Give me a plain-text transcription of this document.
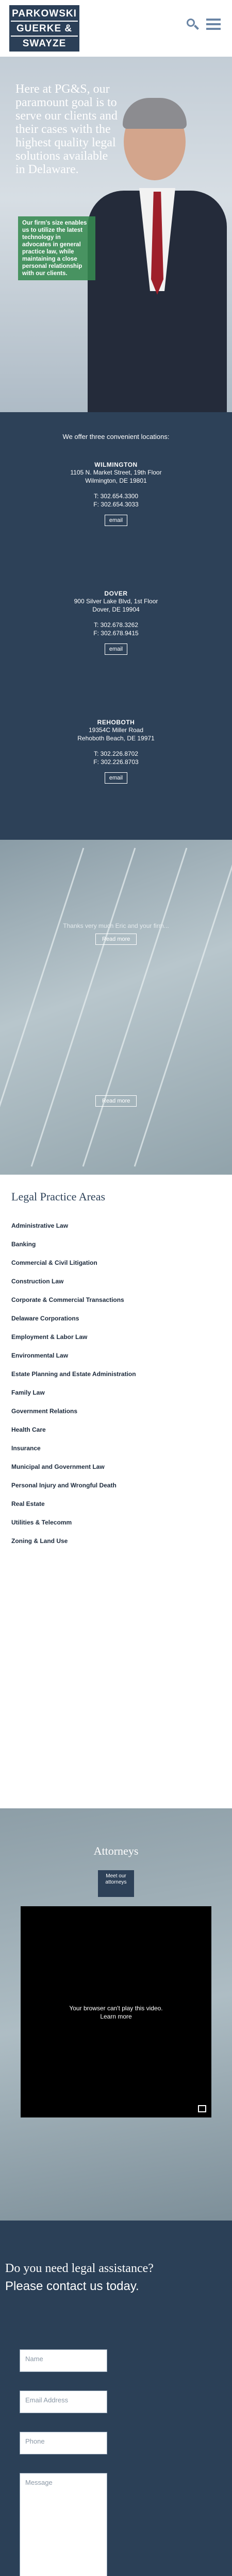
PARKOWSKI
GUERKE &
SWAYZE
Here at PG&S, our paramount goal is to serve our clients and their cases with the highest quality legal solutions available in Delaware.
Our firm's size enables us to utilize the latest technology in advocates in general practice law, while maintaining a close personal relationship with our clients.
We offer three convenient locations:
WILMINGTON
1105 N. Market Street, 19th Floor
Wilmington, DE 19801
T: 302.654.3300
F: 302.654.3033
email
DOVER
900 Silver Lake Blvd, 1st Floor
Dover, DE 19904
T: 302.678.3262
F: 302.678.9415
email
REHOBOTH
19354C Miller Road
Rehoboth Beach, DE 19971
T: 302.226.8702
F: 302.226.8703
email
Thanks very much Eric and your firm...
Read more
Read more
Legal Practice Areas
Administrative Law
Banking
Commercial & Civil Litigation
Construction Law
Corporate & Commercial Transactions
Delaware Corporations
Employment & Labor Law
Environmental Law
Estate Planning and Estate Administration
Family Law
Government Relations
Health Care
Insurance
Municipal and Government Law
Personal Injury and Wrongful Death
Real Estate
Utilities & Telecomm
Zoning & Land Use
Attorneys
Meet our attorneys
Your browser can't play this video.
Learn more
Do you need legal assistance?
Please contact us today.
Name
Email Address
Phone
Message
